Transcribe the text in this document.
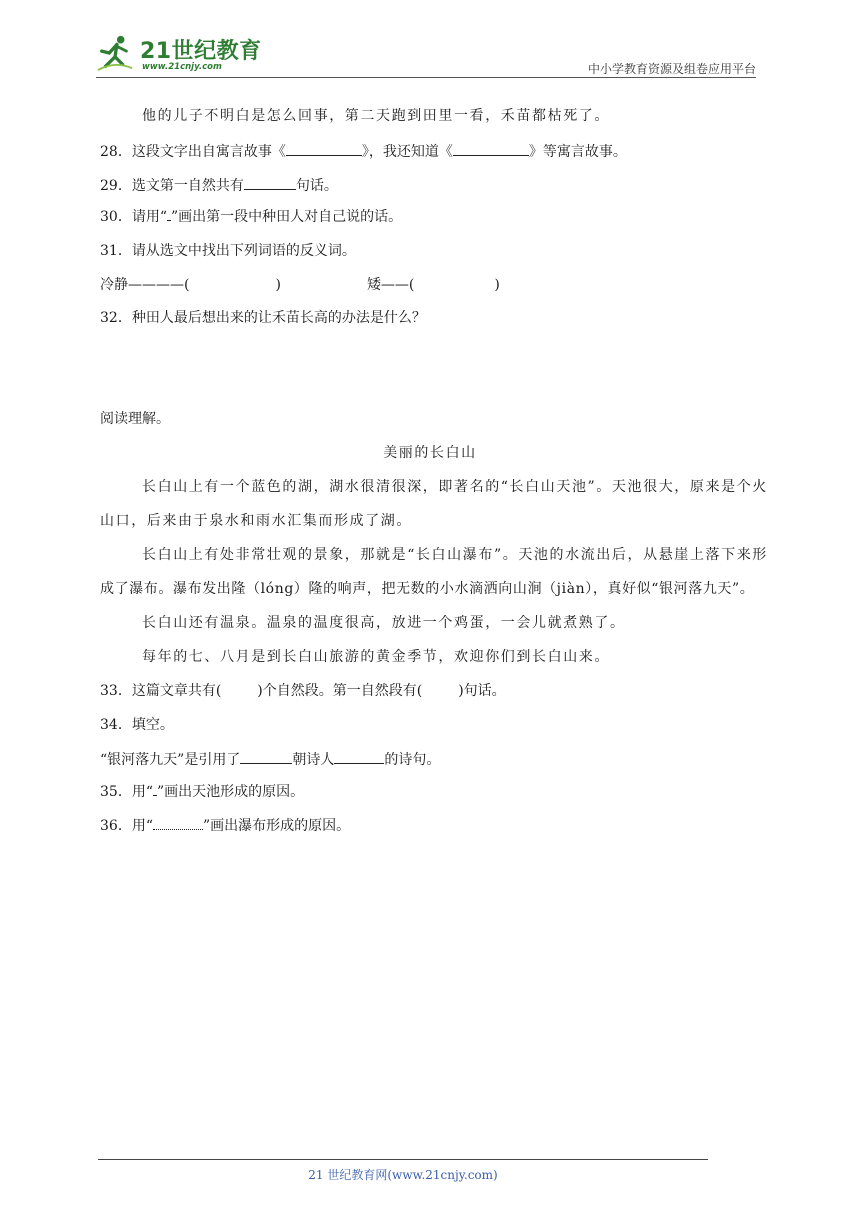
21世纪教育
www.21cnjy.com	中小学教育资源及组卷应用平台
他的儿子不明白是怎么回事，第二天跑到田里一看，禾苗都枯死了。
28．这段文字出自寓言故事《	》，我还知道《	》等寓言故事。
29．选文第一自然共有	句话。
30．请用“ ”画出第一段中种田人对自己说的话。
31．请从选文中找出下列词语的反义词。
冷静————(	)	矮——(	)
32．种田人最后想出来的让禾苗长高的办法是什么？
阅读理解。
美丽的长白山
长白山上有一个蓝色的湖，湖水很清很深，即著名的“长白山天池”。天池很大，原来是个火
山口，后来由于泉水和雨水汇集而形成了湖。
长白山上有处非常壮观的景象，那就是“长白山瀑布”。天池的水流出后，从悬崖上落下来形
成了瀑布。瀑布发出隆（lóng）隆的响声，把无数的小水滴洒向山涧（jiàn），真好似“银河落九天”。
长白山还有温泉。温泉的温度很高，放进一个鸡蛋，一会儿就煮熟了。
每年的七、八月是到长白山旅游的黄金季节，欢迎你们到长白山来。
33．这篇文章共有(	)个自然段。第一自然段有(	)句话。
34．填空。
“银河落九天”是引用了	朝诗人	的诗句。
35．用“ ”画出天池形成的原因。
36．用“	”画出瀑布形成的原因。
21 世纪教育网(www.21cnjy.com)
